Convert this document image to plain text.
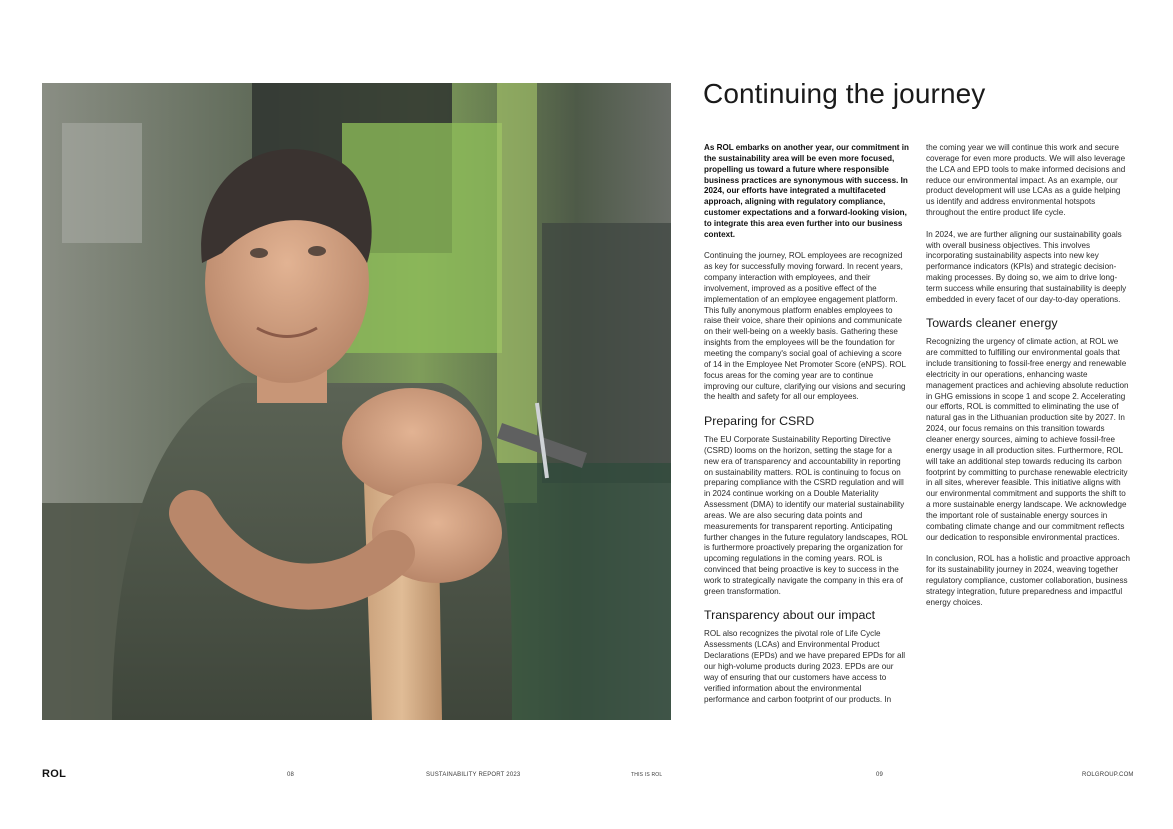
Continuing the journey

As ROL embarks on another year, our commitment in the sustainability area will be even more focused, propelling us toward a future where responsible business practices are synonymous with success. In 2024, our efforts have integrated a multifaceted approach, aligning with regulatory compliance, customer expectations and a forward-looking vision, to integrate this area even further into our business context.

Continuing the journey, ROL employees are recognized as key for successfully moving forward. In recent years, company interaction with employees, and their involvement, improved as a positive effect of the implementation of an employee engagement platform. This fully anonymous platform enables employees to raise their voice, share their opinions and communicate on their well-being on a weekly basis. Gathering these insights from the employees will be the foundation for meeting the company's social goal of achieving a score of 14 in the Employee Net Promoter Score (eNPS). ROL focus areas for the coming year are to continue improving our culture, clarifying our visions and securing the health and safety for all our employees.

Preparing for CSRD

The EU Corporate Sustainability Reporting Directive (CSRD) looms on the horizon, setting the stage for a new era of transparency and accountability in reporting on sustainability matters. ROL is continuing to focus on preparing compliance with the CSRD regulation and will in 2024 continue working on a Double Materiality Assessment (DMA) to identify our material sustainability areas. We are also securing data points and measurements for transparent reporting. Anticipating further changes in the future regulatory landscapes, ROL is furthermore proactively preparing the organization for upcoming regulations in the coming years. ROL is convinced that being proactive is key to success in the work to strategically navigate the company in this era of green transformation.

Transparency about our impact

ROL also recognizes the pivotal role of Life Cycle Assessments (LCAs) and Environmental Product Declarations (EPDs) and we have prepared EPDs for all our high-volume products during 2023. EPDs are our way of ensuring that our customers have access to verified information about the environmental performance and carbon footprint of our products. In

the coming year we will continue this work and secure coverage for even more products. We will also leverage the LCA and EPD tools to make informed decisions and reduce our environmental impact. As an example, our product development will use LCAs as a guide helping us identify and address environmental hotspots throughout the entire product life cycle.

In 2024, we are further aligning our sustainability goals with overall business objectives. This involves incorporating sustainability aspects into new key performance indicators (KPIs) and strategic decision-making processes. By doing so, we aim to drive long-term success while ensuring that sustainability is deeply embedded in every facet of our day-to-day operations.

Towards cleaner energy

Recognizing the urgency of climate action, at ROL we are committed to fulfilling our environmental goals that include transitioning to fossil-free energy and renewable electricity in our operations, enhancing waste management practices and achieving absolute reduction in GHG emissions in scope 1 and scope 2. Accelerating our efforts, ROL is committed to eliminating the use of natural gas in the Lithuanian production site by 2027. In 2024, our focus remains on this transition towards cleaner energy sources, aiming to achieve fossil-free energy usage in all production sites. Furthermore, ROL will take an additional step towards reducing its carbon footprint by committing to purchase renewable electricity in all sites, wherever feasible. This initiative aligns with our environmental commitment and supports the shift to a more sustainable energy landscape. We acknowledge the important role of sustainable energy sources in combating climate change and our commitment reflects our dedication to responsible environmental practices.

In conclusion, ROL has a holistic and proactive approach for its sustainability journey in 2024, weaving together regulatory compliance, customer collaboration, business strategy integration, future preparedness and impactful energy choices.

ROL	08	SUSTAINABILITY REPORT 2023	THIS IS ROL	09	ROLGROUP.COM
